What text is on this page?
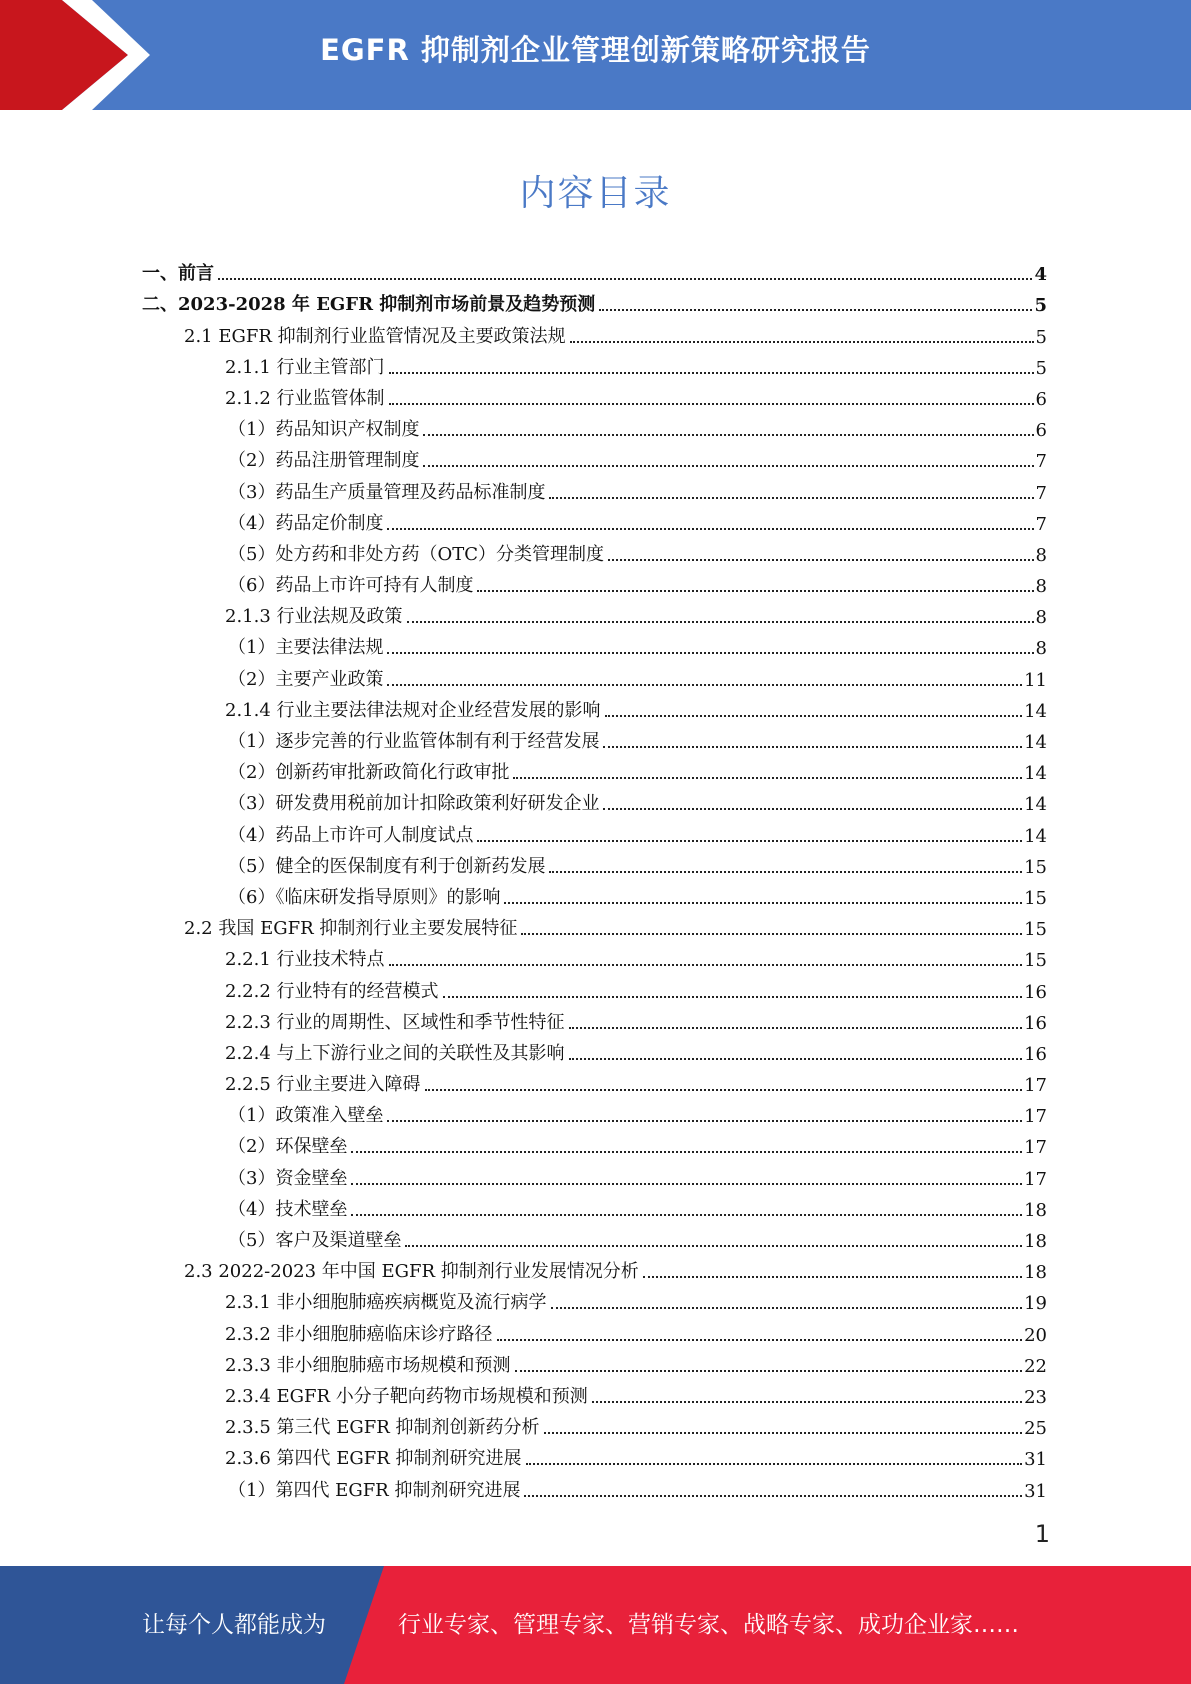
EGFR 抑制剂企业管理创新策略研究报告
内容目录
一、前言	4
二、2023-2028 年 EGFR 抑制剂市场前景及趋势预测	5
2.1 EGFR 抑制剂行业监管情况及主要政策法规	5
2.1.1 行业主管部门	5
2.1.2 行业监管体制	6
（1）药品知识产权制度	6
（2）药品注册管理制度	7
（3）药品生产质量管理及药品标准制度	7
（4）药品定价制度	7
（5）处方药和非处方药（OTC）分类管理制度	8
（6）药品上市许可持有人制度	8
2.1.3 行业法规及政策	8
（1）主要法律法规	8
（2）主要产业政策	11
2.1.4 行业主要法律法规对企业经营发展的影响	14
（1）逐步完善的行业监管体制有利于经营发展	14
（2）创新药审批新政简化行政审批	14
（3）研发费用税前加计扣除政策利好研发企业	14
（4）药品上市许可人制度试点	14
（5）健全的医保制度有利于创新药发展	15
（6）《临床研发指导原则》的影响	15
2.2 我国 EGFR 抑制剂行业主要发展特征	15
2.2.1 行业技术特点	15
2.2.2 行业特有的经营模式	16
2.2.3 行业的周期性、区域性和季节性特征	16
2.2.4 与上下游行业之间的关联性及其影响	16
2.2.5 行业主要进入障碍	17
（1）政策准入壁垒	17
（2）环保壁垒	17
（3）资金壁垒	17
（4）技术壁垒	18
（5）客户及渠道壁垒	18
2.3 2022-2023 年中国 EGFR 抑制剂行业发展情况分析	18
2.3.1 非小细胞肺癌疾病概览及流行病学	19
2.3.2 非小细胞肺癌临床诊疗路径	20
2.3.3 非小细胞肺癌市场规模和预测	22
2.3.4 EGFR 小分子靶向药物市场规模和预测	23
2.3.5 第三代 EGFR 抑制剂创新药分析	25
2.3.6 第四代 EGFR 抑制剂研究进展	31
（1）第四代 EGFR 抑制剂研究进展	31
1
让每个人都能成为	行业专家、管理专家、营销专家、战略专家、成功企业家……
